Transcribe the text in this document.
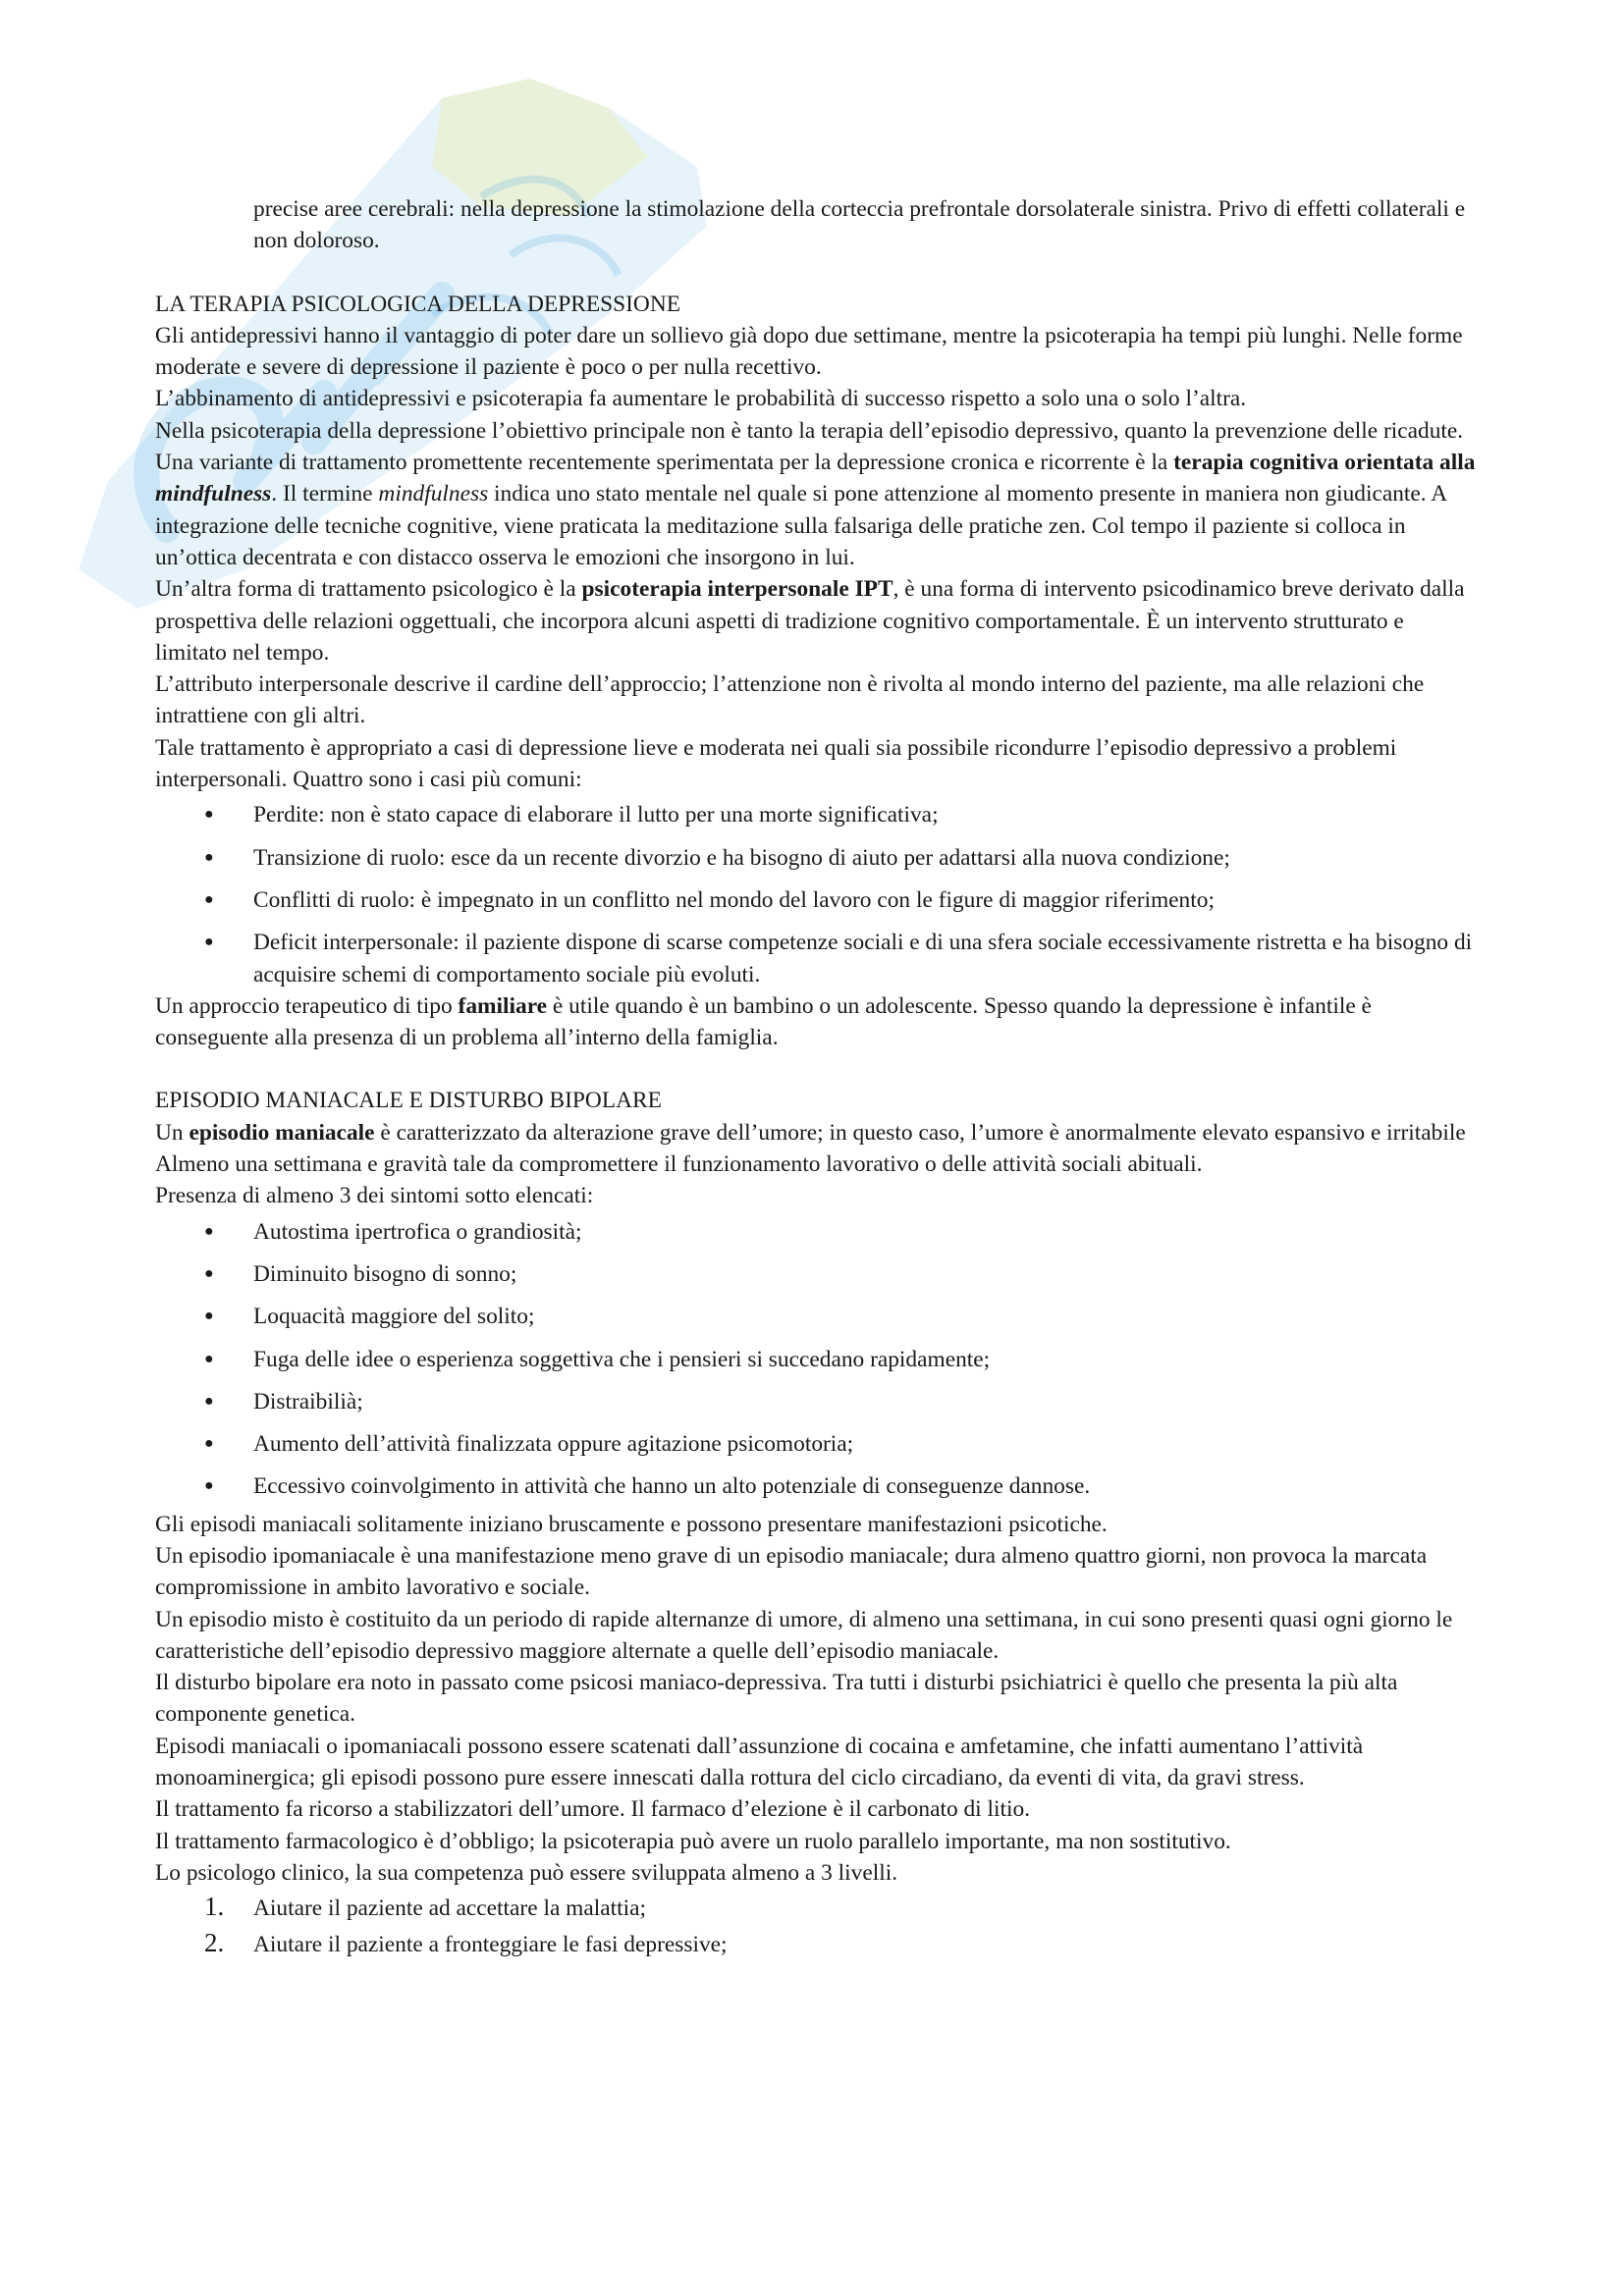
precise aree cerebrali: nella depressione la stimolazione della corteccia prefrontale dorsolaterale sinistra. Privo di effetti collaterali e non doloroso.

LA TERAPIA PSICOLOGICA DELLA DEPRESSIONE

Gli antidepressivi hanno il vantaggio di poter dare un sollievo già dopo due settimane, mentre la psicoterapia ha tempi più lunghi. Nelle forme moderate e severe di depressione il paziente è poco o per nulla recettivo.

L’abbinamento di antidepressivi e psicoterapia fa aumentare le probabilità di successo rispetto a solo una o solo l’altra.

Nella psicoterapia della depressione l’obiettivo principale non è tanto la terapia dell’episodio depressivo, quanto la prevenzione delle ricadute.

Una variante di trattamento promettente recentemente sperimentata per la depressione cronica e ricorrente è la terapia cognitiva orientata alla mindfulness. Il termine mindfulness indica uno stato mentale nel quale si pone attenzione al momento presente in maniera non giudicante. A integrazione delle tecniche cognitive, viene praticata la meditazione sulla falsariga delle pratiche zen. Col tempo il paziente si colloca in un’ottica decentrata e con distacco osserva le emozioni che insorgono in lui.

Un’altra forma di trattamento psicologico è la psicoterapia interpersonale IPT, è una forma di intervento psicodinamico breve derivato dalla prospettiva delle relazioni oggettuali, che incorpora alcuni aspetti di tradizione cognitivo comportamentale. È un intervento strutturato e limitato nel tempo.

L’attributo interpersonale descrive il cardine dell’approccio; l’attenzione non è rivolta al mondo interno del paziente, ma alle relazioni che intrattiene con gli altri.

Tale trattamento è appropriato a casi di depressione lieve e moderata nei quali sia possibile ricondurre l’episodio depressivo a problemi interpersonali. Quattro sono i casi più comuni:

● Perdite: non è stato capace di elaborare il lutto per una morte significativa;
● Transizione di ruolo: esce da un recente divorzio e ha bisogno di aiuto per adattarsi alla nuova condizione;
● Conflitti di ruolo: è impegnato in un conflitto nel mondo del lavoro con le figure di maggior riferimento;
● Deficit interpersonale: il paziente dispone di scarse competenze sociali e di una sfera sociale eccessivamente ristretta e ha bisogno di acquisire schemi di comportamento sociale più evoluti.

Un approccio terapeutico di tipo familiare è utile quando è un bambino o un adolescente. Spesso quando la depressione è infantile è conseguente alla presenza di un problema all’interno della famiglia.

EPISODIO MANIACALE E DISTURBO BIPOLARE

Un episodio maniacale è caratterizzato da alterazione grave dell’umore; in questo caso, l’umore è anormalmente elevato espansivo e irritabile

Almeno una settimana e gravità tale da compromettere il funzionamento lavorativo o delle attività sociali abituali.

Presenza di almeno 3 dei sintomi sotto elencati:

● Autostima ipertrofica o grandiosità;
● Diminuito bisogno di sonno;
● Loquacità maggiore del solito;
● Fuga delle idee o esperienza soggettiva che i pensieri si succedano rapidamente;
● Distraibilià;
● Aumento dell’attività finalizzata oppure agitazione psicomotoria;
● Eccessivo coinvolgimento in attività che hanno un alto potenziale di conseguenze dannose.

Gli episodi maniacali solitamente iniziano bruscamente e possono presentare manifestazioni psicotiche.

Un episodio ipomaniacale è una manifestazione meno grave di un episodio maniacale; dura almeno quattro giorni, non provoca la marcata compromissione in ambito lavorativo e sociale.

Un episodio misto è costituito da un periodo di rapide alternanze di umore, di almeno una settimana, in cui sono presenti quasi ogni giorno le caratteristiche dell’episodio depressivo maggiore alternate a quelle dell’episodio maniacale.

Il disturbo bipolare era noto in passato come psicosi maniaco-depressiva. Tra tutti i disturbi psichiatrici è quello che presenta la più alta componente genetica.

Episodi maniacali o ipomaniacali possono essere scatenati dall’assunzione di cocaina e amfetamine, che infatti aumentano l’attività monoaminergica; gli episodi possono pure essere innescati dalla rottura del ciclo circadiano, da eventi di vita, da gravi stress.

Il trattamento fa ricorso a stabilizzatori dell’umore. Il farmaco d’elezione è il carbonato di litio.

Il trattamento farmacologico è d’obbligo; la psicoterapia può avere un ruolo parallelo importante, ma non sostitutivo.

Lo psicologo clinico, la sua competenza può essere sviluppata almeno a 3 livelli.

1. Aiutare il paziente ad accettare la malattia;
2. Aiutare il paziente a fronteggiare le fasi depressive;
